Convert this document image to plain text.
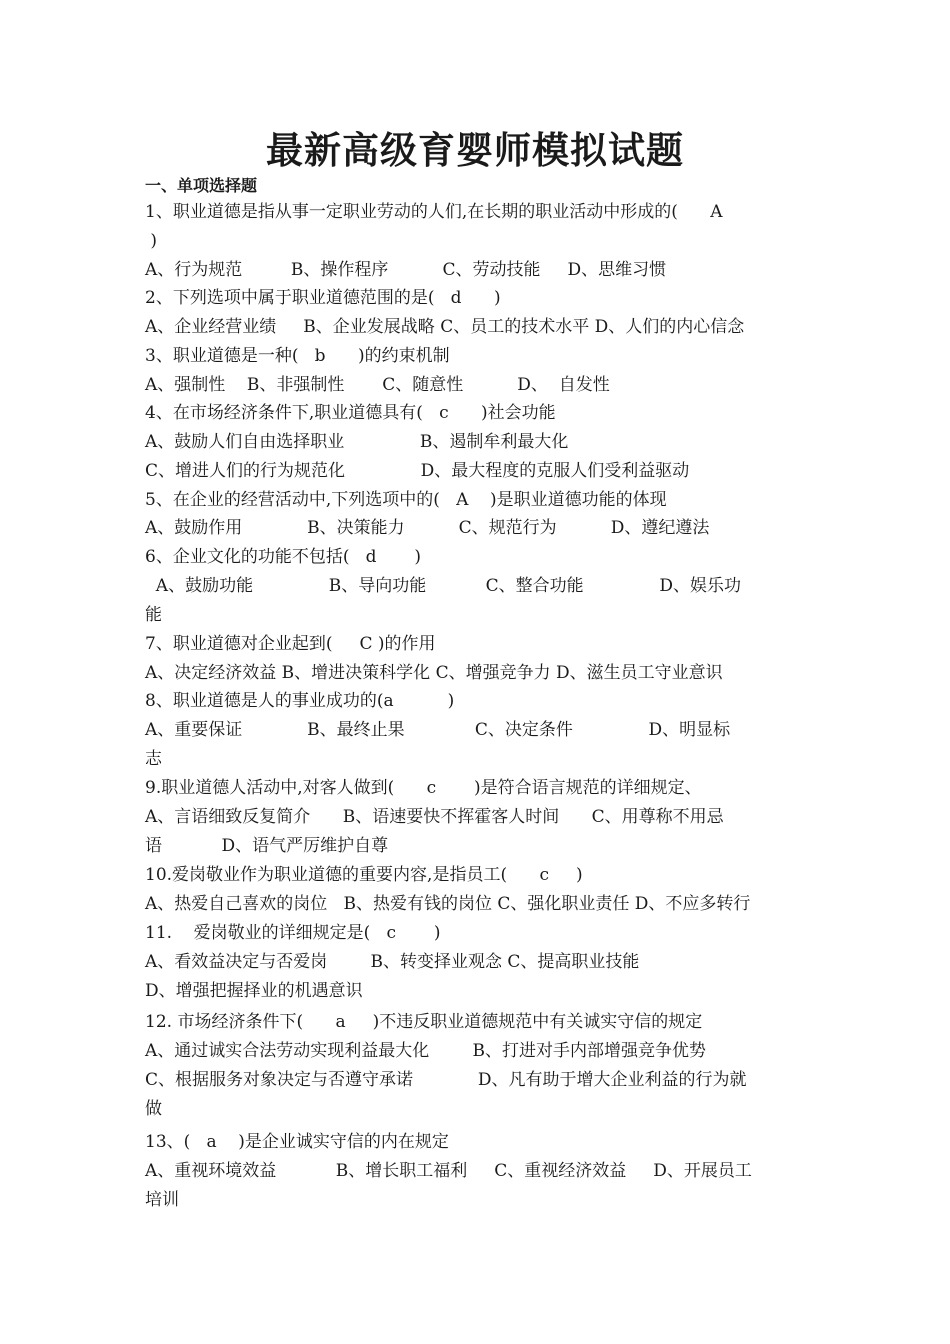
最新高级育婴师模拟试题
一、单项选择题
1、职业道德是指从事一定职业劳动的人们,在长期的职业活动中形成的(      A
)
A、行为规范         B、操作程序          C、劳动技能     D、思维习惯
2、下列选项中属于职业道德范围的是(   d      )
A、企业经营业绩     B、企业发展战略 C、员工的技术水平 D、人们的内心信念
3、职业道德是一种(   b      )的约束机制
A、强制性    B、非强制性       C、随意性          D、  自发性
4、在市场经济条件下,职业道德具有(   c      )社会功能
A、鼓励人们自由选择职业              B、遏制牟利最大化
C、增进人们的行为规范化              D、最大程度的克服人们受利益驱动
5、在企业的经营活动中,下列选项中的(   A    )是职业道德功能的体现
A、鼓励作用            B、决策能力          C、规范行为          D、遵纪遵法
6、企业文化的功能不包括(   d       )
A、鼓励功能              B、导向功能           C、整合功能              D、娱乐功
能
7、职业道德对企业起到(     C )的作用
A、决定经济效益 B、增进决策科学化 C、增强竞争力 D、滋生员工守业意识
8、职业道德是人的事业成功的(a          )
A、重要保证            B、最终止果             C、决定条件              D、明显标
志
9.职业道德人活动中,对客人做到(      c       )是符合语言规范的详细规定、
A、言语细致反复简介      B、语速要快不挥霍客人时间      C、用尊称不用忌
语           D、语气严厉维护自尊
10.爱岗敬业作为职业道德的重要内容,是指员工(      c     )
A、热爱自己喜欢的岗位   B、热爱有钱的岗位 C、强化职业责任 D、不应多转行
11.    爱岗敬业的详细规定是(   c       )
A、看效益决定与否爱岗        B、转变择业观念 C、提高职业技能
D、增强把握择业的机遇意识
12. 市场经济条件下(      a     )不违反职业道德规范中有关诚实守信的规定
A、通过诚实合法劳动实现利益最大化        B、打进对手内部增强竞争优势
C、根据服务对象决定与否遵守承诺            D、凡有助于增大企业利益的行为就
做
13、(   a    )是企业诚实守信的内在规定
A、重视环境效益           B、增长职工福利     C、重视经济效益     D、开展员工
培训
